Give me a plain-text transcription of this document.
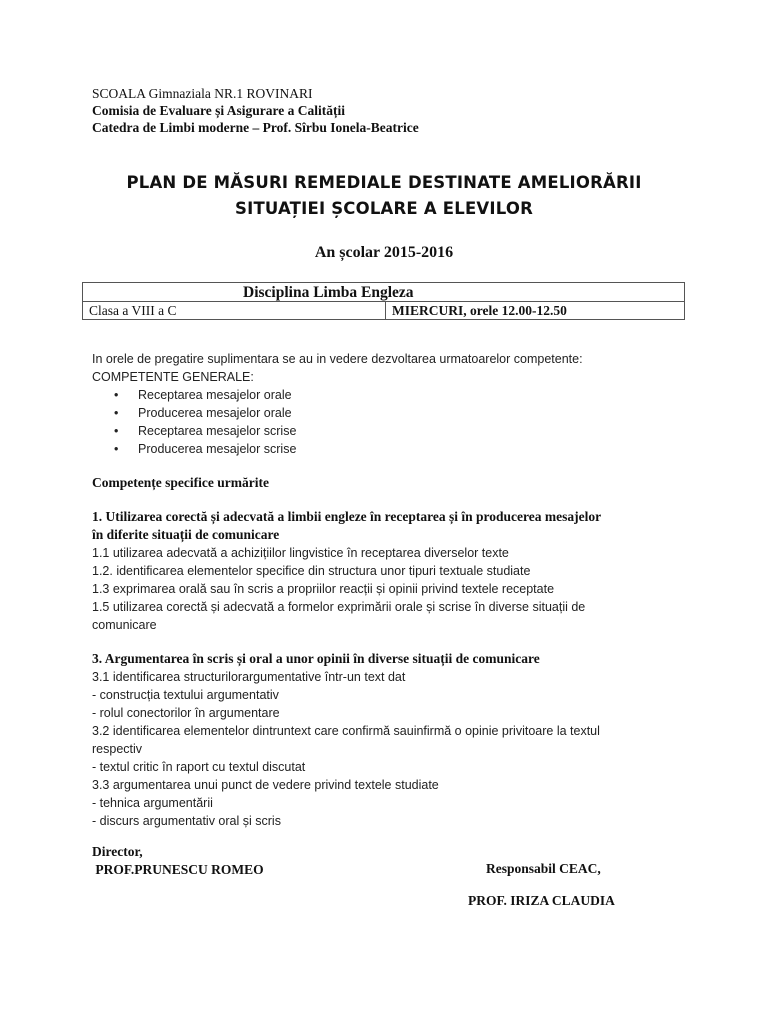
SCOALA Gimnaziala NR.1 ROVINARI
Comisia de Evaluare și Asigurare a Calității
Catedra de Limbi moderne – Prof. Sîrbu Ionela-Beatrice
PLAN DE MĂSURI REMEDIALE DESTINATE AMELIORĂRII
SITUAȚIEI ȘCOLARE A ELEVILOR
An școlar 2015-2016
Disciplina Limba Engleza
Clasa a VIII a C	MIERCURI, orele 12.00-12.50
In orele de pregatire suplimentara se au in vedere dezvoltarea urmatoarelor competente:
COMPETENTE GENERALE:
• Receptarea mesajelor orale
• Producerea mesajelor orale
• Receptarea mesajelor scrise
• Producerea mesajelor scrise
Competențe specifice urmărite
1. Utilizarea corectă și adecvată a limbii engleze în receptarea și în producerea mesajelor
în diferite situații de comunicare
1.1 utilizarea adecvată a achizițiilor lingvistice în receptarea diverselor texte
1.2. identificarea elementelor specifice din structura unor tipuri textuale studiate
1.3 exprimarea orală sau în scris a propriilor reacții și opinii privind textele receptate
1.5 utilizarea corectă și adecvată a formelor exprimării orale și scrise în diverse situații de
comunicare
3. Argumentarea în scris și oral a unor opinii în diverse situații de comunicare
3.1 identificarea structurilorargumentative într-un text dat
- construcția textului argumentativ
- rolul conectorilor în argumentare
3.2 identificarea elementelor dintruntext care confirmă sauinfirmă o opinie privitoare la textul
respectiv
- textul critic în raport cu textul discutat
3.3 argumentarea unui punct de vedere privind textele studiate
- tehnica argumentării
- discurs argumentativ oral și scris
Director,
PROF.PRUNESCU ROMEO	Responsabil CEAC,
PROF. IRIZA CLAUDIA
